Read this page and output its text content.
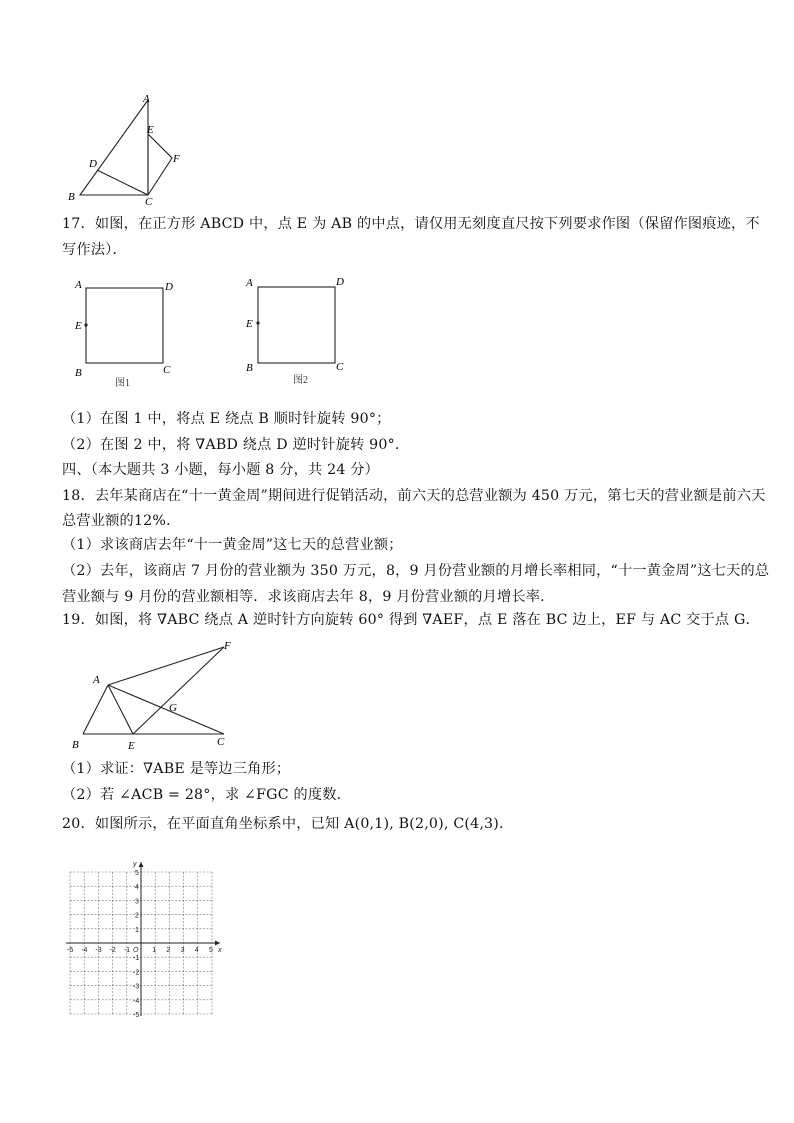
A
B	C
D
E
F
17．如图，在正方形 ABCD 中，点 E 为 AB 的中点，请仅用无刻度直尺按下列要求作图（保留作图痕迹，不
写作法）．
A	D
E
B	C
图1
A	D
E
B	C
图2
（1）在图 1 中，将点 E 绕点 B 顺时针旋转 90°；
（2）在图 2 中，将 ∇ABD 绕点 D 逆时针旋转 90°.
四、（本大题共 3 小题，每小题 8 分，共 24 分）
18．去年某商店在“十一黄金周”期间进行促销活动，前六天的总营业额为 450 万元，第七天的营业额是前六天
总营业额的12%．
（1）求该商店去年“十一黄金周”这七天的总营业额；
（2）去年，该商店 7 月份的营业额为 350 万元，8，9 月份营业额的月增长率相同，“十一黄金周”这七天的总
营业额与 9 月份的营业额相等．求该商店去年 8，9 月份营业额的月增长率．
19．如图，将 ∇ABC 绕点 A 逆时针方向旋转 60° 得到 ∇AEF，点 E 落在 BC 边上，EF 与 AC 交于点 G．
A
B	C
E
F
G
（1）求证：∇ABE 是等边三角形；
（2）若 ∠ACB = 28°，求 ∠FGC 的度数．
20．如图所示，在平面直角坐标系中，已知 A(0,1), B(2,0), C(4,3)．
-5 -4 -3 -2 -1	1 2 3 4 5
5
4
3
2
1
-1
-2
-3
-4
-5
O	x
y
